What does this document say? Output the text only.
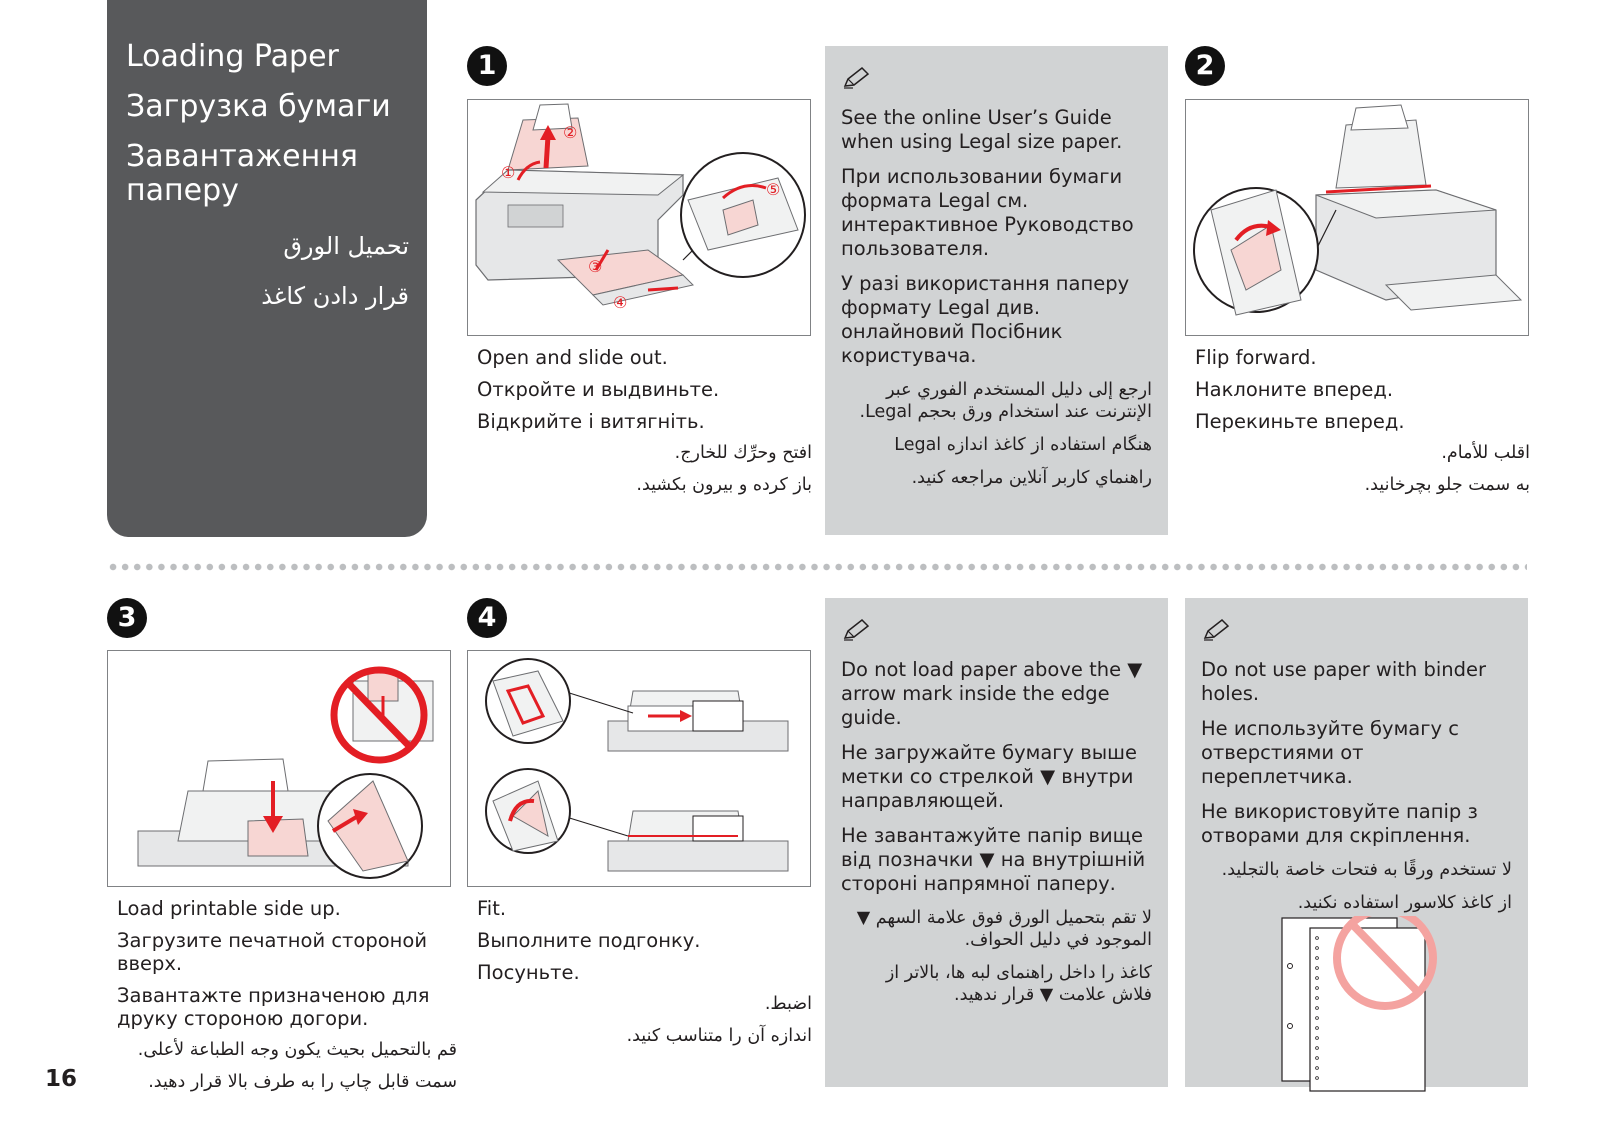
Loading Paper
Загрузка бумаги
Завантаження паперу
تحميل الورق
قرار دادن کاغذ
1
②
①
③
④
⑤

Open and slide out.

Откройте и выдвиньте.

Відкрийте і витягніть.

افتح وحرِّك للخارج.

باز کرده و بیرون بکشید.

See the online User’s Guide when using Legal size paper.

При использовании бумаги формата Legal см. интерактивное Руководство пользователя.

У разі використання паперу формату Legal див. онлайновий Посібник користувача.

ارجع إلى دليل المستخدم الفوري عبر الإنترنت عند استخدام ورق بحجم Legal.

هنگام استفاده از کاغذ اندازه Legal

راهنماي کاربر آنلاين مراجعه کنيد.

2

Flip forward.

Наклоните вперед.

Перекиньте вперед.

اقلب للأمام.

به سمت جلو بچرخانید.

3

Load printable side up.

Загрузите печатной стороной вверх.

Завантажте призначеною для друку стороною догори.

قم بالتحميل بحيث يكون وجه الطباعة لأعلى.

سمت قابل چاپ را به طرف بالا قرار دهید.

4

Fit.

Выполните подгонку.

Посуньте.

اضبط.

اندازه آن را متناسب کنید.

Do not load paper above the ▼ arrow mark inside the edge guide.

Не загружайте бумагу выше метки со стрелкой ▼ внутри направляющей.

Не завантажуйте папір вище від позначки ▼ на внутрішній стороні напрямної паперу.

لا تقم بتحميل الورق فوق علامة السهم ▼ الموجود في دليل الحواف.

کاغذ را داخل راهنمای لبه ها، بالاتر از فلاش علامت ▼ قرار ندهید.

Do not use paper with binder holes.

Не используйте бумагу с отверстиями от переплетчика.

Не використовуйте папір з отворами для скріплення.

لا تستخدم ورقًا به فتحات خاصة بالتجليد.

از کاغذ کلاسور استفاده نکنید.

16
